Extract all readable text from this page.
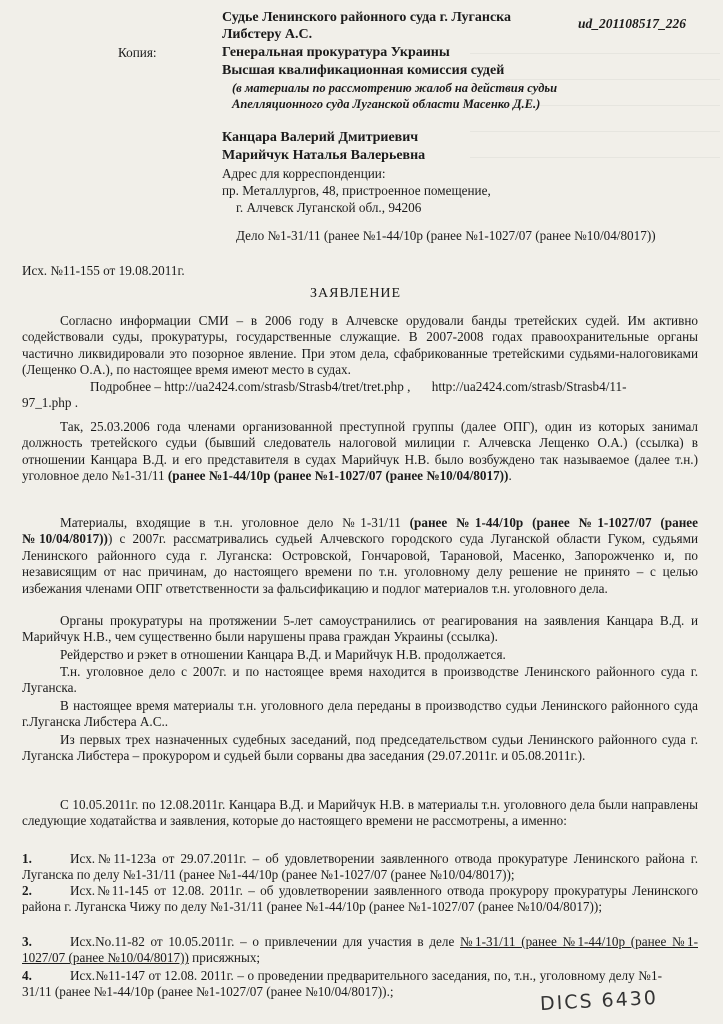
ud_201108517_226
Судье Ленинского районного суда г. Луганска
Либстеру А.С.
Копия:	Генеральная прокуратура Украины
Высшая квалификационная комиссия судей
(в материалы по рассмотрению жалоб на действия судьи
Апелляционного суда Луганской области Масенко Д.Е.)
Канцара Валерий Дмитриевич
Марийчук Наталья Валерьевна
Адрес для корреспонденции:
пр. Металлургов, 48, пристроенное помещение,
г. Алчевск Луганской обл., 94206
Дело №1-31/11 (ранее №1-44/10р (ранее №1-1027/07 (ранее №10/04/8017))
Исх. №11-155 от 19.08.2011г.
ЗАЯВЛЕНИЕ
Согласно информации СМИ – в 2006 году в Алчевске орудовали банды третейских судей. Им активно содействовали суды, прокуратуры, государственные служащие. В 2007-2008 годах правоохранительные органы частично ликвидировали это позорное явление. При этом дела, сфабрикованные третейскими судьями-налоговиками (Лещенко О.А.), по настоящее время имеют место в судах.
Подробнее – http://ua2424.com/strasb/Strasb4/tret/tret.php , http://ua2424.com/strasb/Strasb4/11-
97_1.php .
Так, 25.03.2006 года членами организованной преступной группы (далее ОПГ), один из которых занимал должность третейского судьи (бывший следователь налоговой милиции г. Алчевска Лещенко О.А.) (ссылка) в отношении Канцара В.Д. и его представителя в судах Марийчук Н.В. было возбуждено так называемое (далее т.н.) уголовное дело №1-31/11 (ранее №1-44/10р (ранее №1-1027/07 (ранее №10/04/8017)).
Материалы, входящие в т.н. уголовное дело №1-31/11 (ранее №1-44/10р (ранее №1-1027/07 (ранее №10/04/8017))) с 2007г. рассматривались судьей Алчевского городского суда Луганской области Гуком, судьями Ленинского районного суда г. Луганска: Островской, Гончаровой, Тарановой, Масенко, Запорожченко и, по независящим от нас причинам, до настоящего времени по т.н. уголовному делу решение не принято – с целью избежания членами ОПГ ответственности за фальсификацию и подлог материалов т.н. уголовного дела.
Органы прокуратуры на протяжении 5-лет самоустранились от реагирования на заявления Канцара В.Д. и Марийчук Н.В., чем существенно были нарушены права граждан Украины (ссылка).
Рейдерство и рэкет в отношении Канцара В.Д. и Марийчук Н.В. продолжается.
Т.н. уголовное дело с 2007г. и по настоящее время находится в производстве Ленинского районного суда г. Луганска.
В настоящее время материалы т.н. уголовного дела переданы в производство судьи Ленинского районного суда г.Луганска Либстера А.С..
Из первых трех назначенных судебных заседаний, под председательством судьи Ленинского районного суда г. Луганска Либстера – прокурором и судьей были сорваны два заседания (29.07.2011г. и 05.08.2011г.).
С 10.05.2011г. по 12.08.2011г. Канцара В.Д. и Марийчук Н.В. в материалы т.н. уголовного дела были направлены следующие ходатайства и заявления, которые до настоящего времени не рассмотрены, а именно:
1.	Исх.№11-123а от 29.07.2011г. – об удовлетворении заявленного отвода прокуратуре Ленинского района г. Луганска по делу №1-31/11 (ранее №1-44/10р (ранее №1-1027/07 (ранее №10/04/8017));
2.	Исх.№11-145 от 12.08. 2011г. – об удовлетворении заявленного отвода прокурору прокуратуры Ленинского района г. Луганска Чижу по делу №1-31/11 (ранее №1-44/10р (ранее №1-1027/07 (ранее №10/04/8017));
3.	Исх.No.11-82 от 10.05.2011г. – о привлечении для участия в деле №1-31/11 (ранее №1-44/10р (ранее №1-1027/07 (ранее №10/04/8017)) присяжных;
4.	Исх.№11-147 от 12.08. 2011г. – о проведении предварительного заседания, по, т.н., уголовному делу №1-31/11 (ранее №1-44/10р (ранее №1-1027/07 (ранее №10/04/8017)).;	DICS 6430
